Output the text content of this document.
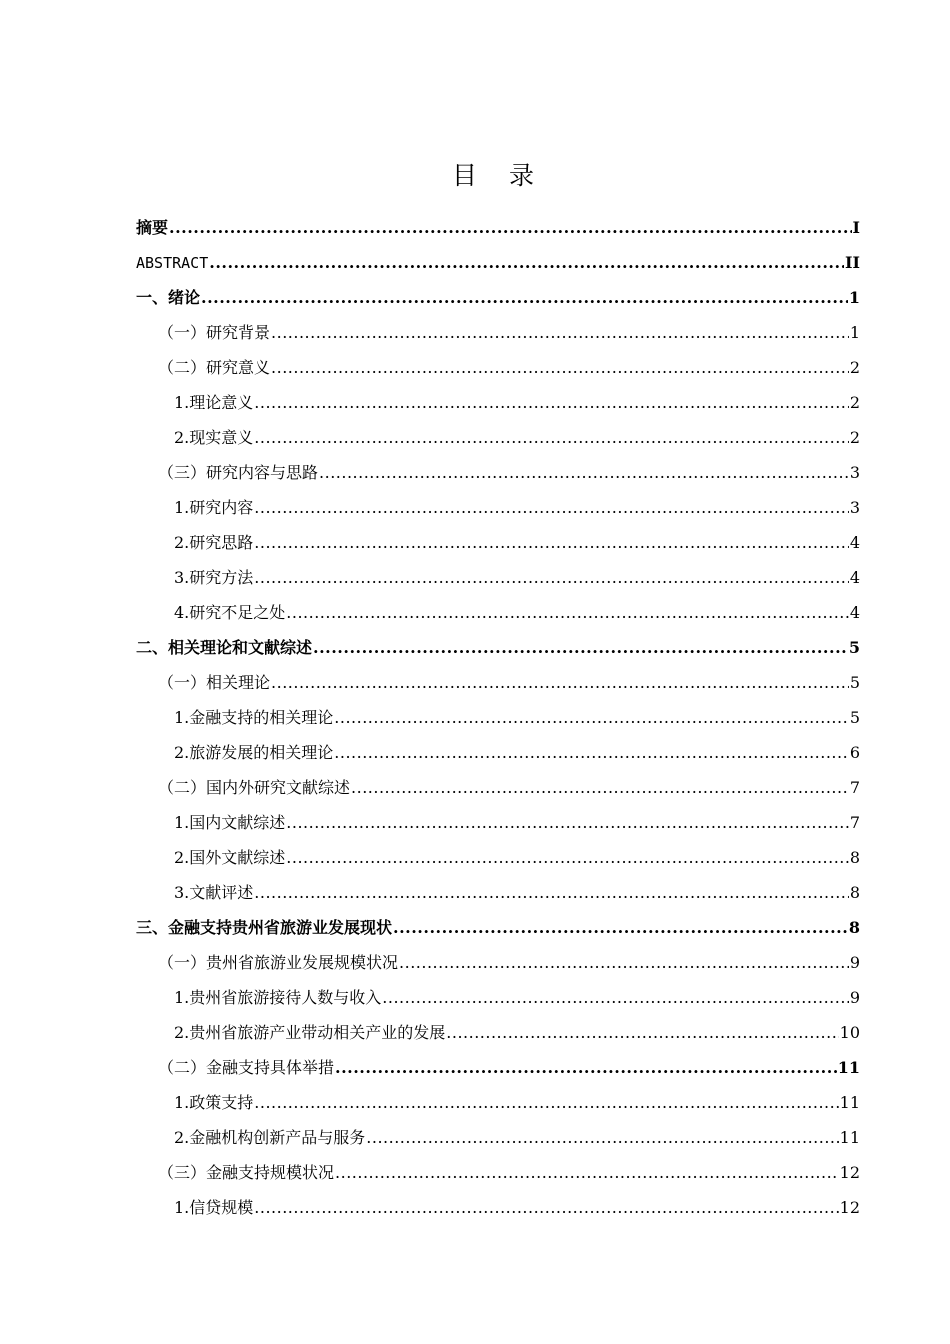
目 录
摘要 .....	I
ABSTRACT .....	II
一、绪论 .....	1
（一）研究背景 .....	1
（二）研究意义 .....	2
1.理论意义 .....	2
2.现实意义 .....	2
（三）研究内容与思路 .....	3
1.研究内容 .....	3
2.研究思路 .....	4
3.研究方法 .....	4
4.研究不足之处 .....	4
二、相关理论和文献综述 .....	5
（一）相关理论 .....	5
1.金融支持的相关理论 .....	5
2.旅游发展的相关理论 .....	6
（二）国内外研究文献综述 .....	7
1.国内文献综述 .....	7
2.国外文献综述 .....	8
3.文献评述 .....	8
三、金融支持贵州省旅游业发展现状 .....	8
（一）贵州省旅游业发展规模状况 .....	9
1.贵州省旅游接待人数与收入 .....	9
2.贵州省旅游产业带动相关产业的发展 .....	10
（二）金融支持具体举措 .....	11
1.政策支持 .....	11
2.金融机构创新产品与服务 .....	11
（三）金融支持规模状况 .....	12
1.信贷规模 .....	12
